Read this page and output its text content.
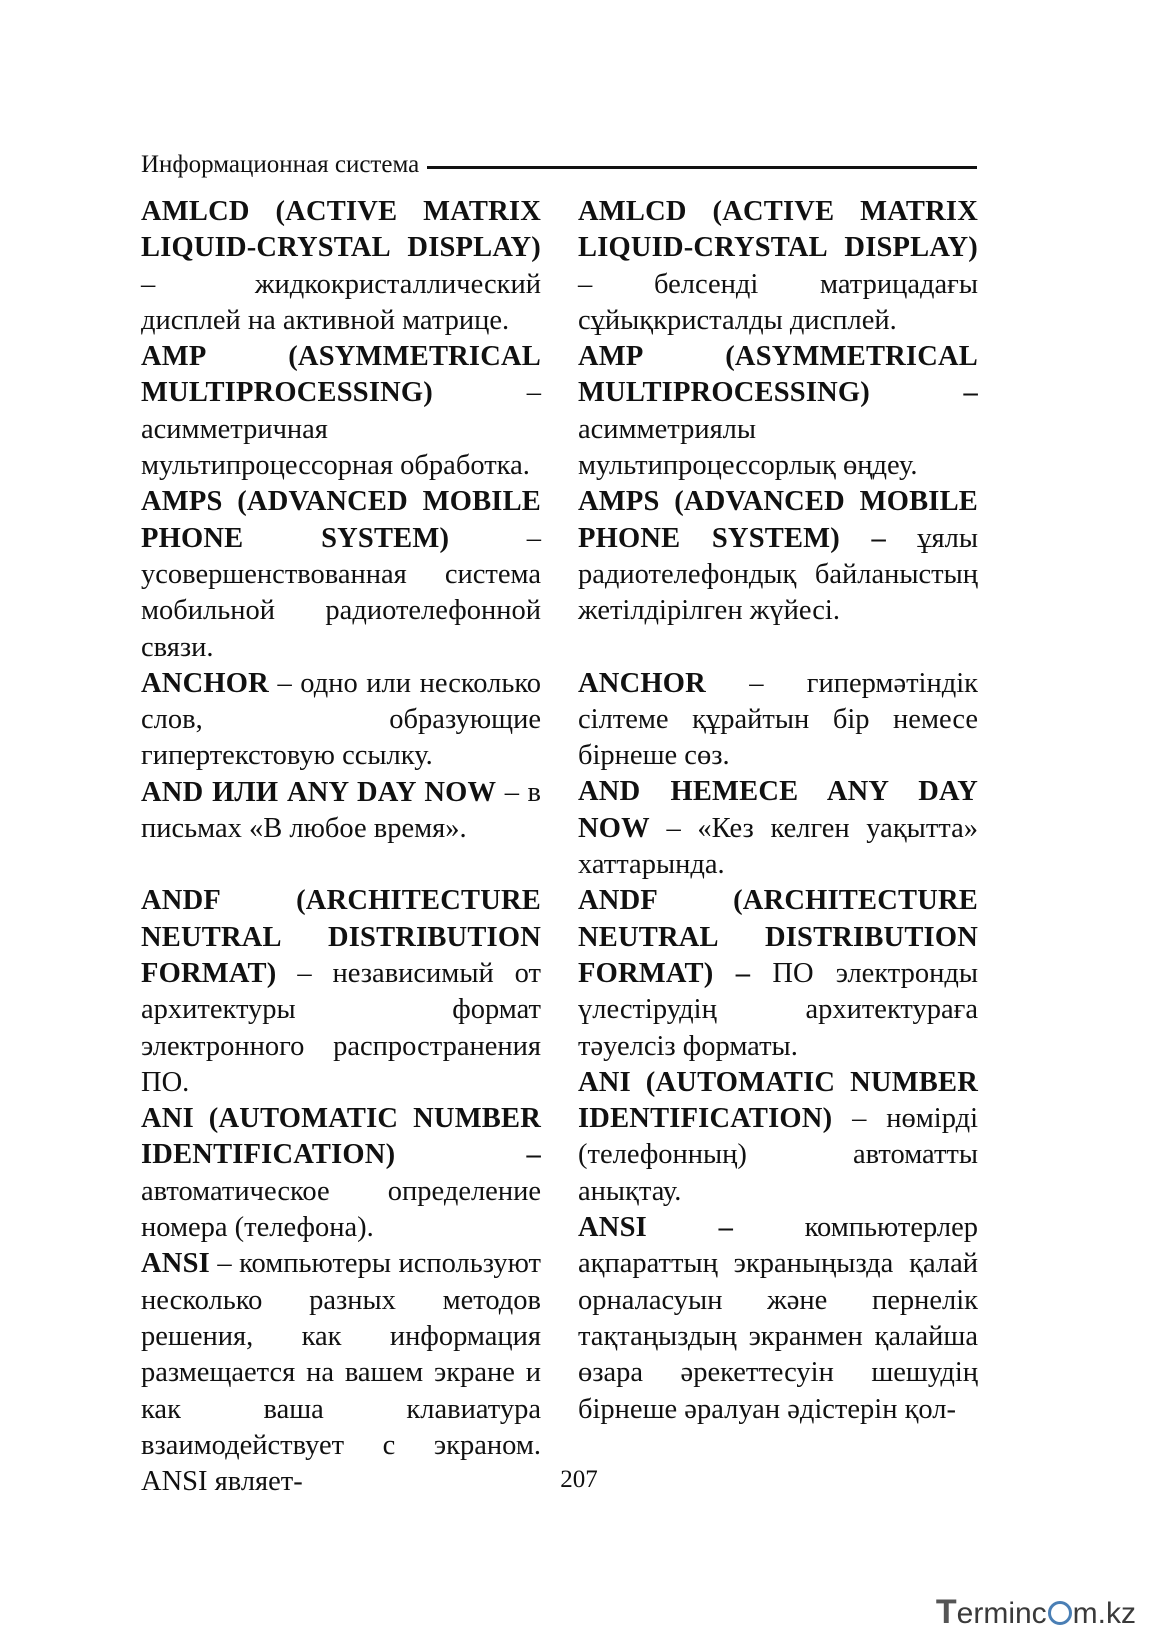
Информационная система

AMLCD (ACTIVE MATRIX LIQUID-CRYSTAL DISPLAY) – жидкокристаллический дисплей на активной матрице.

AMP (ASYMMETRICAL MULTIPROCESSING) – асимметричная мультипроцессорная обработка.

AMPS (ADVANCED MOBILE PHONE SYSTEM) – усовершенствованная система мобильной радиотелефонной связи.

ANCHOR – одно или несколько слов, образующие гипертекстовую ссылку.

AND ИЛИ ANY DAY NOW – в письмах «В любое время».

ANDF (ARCHITECTURE NEUTRAL DISTRIBUTION FORMAT) – независимый от архитектуры формат электронного распространения ПО.

ANI (AUTOMATIC NUMBER IDENTIFICATION) – автоматическое определение номера (телефона).

ANSI – компьютеры используют несколько разных методов решения, как информация размещается на вашем экране и как ваша клавиатура взаимодействует с экраном. ANSI являет-

AMLCD (ACTIVE MATRIX LIQUID-CRYSTAL DISPLAY) – белсенді матрицадағы сұйықкристалды дисплей.

AMP (ASYMMETRICAL MULTIPROCESSING) – асимметриялы мультипроцессорлық өңдеу.

AMPS (ADVANCED MOBILE PHONE SYSTEM) – ұялы радиотелефондық байланыстың жетілдірілген жүйесі.

ANCHOR – гипермәтіндік сілтеме құрайтын бір немесе бірнеше сөз.

AND HEMECE ANY DAY NOW – «Кез келген уақытта» хаттарында.

ANDF (ARCHITECTURE NEUTRAL DISTRIBUTION FORMAT) – ПО электронды үлестірудің архитектураға тәуелсіз форматы.

ANI (AUTOMATIC NUMBER IDENTIFICATION) – нөмірді (телефонның) автоматты анықтау.

ANSI – компьютерлер ақпараттың экраныңызда қалай орналасуын және пернелік тақтаңыздың экранмен қалайша өзара әрекеттесуін шешудің бірнеше әралуан әдістерін қол-

207
T erminc m.kz
